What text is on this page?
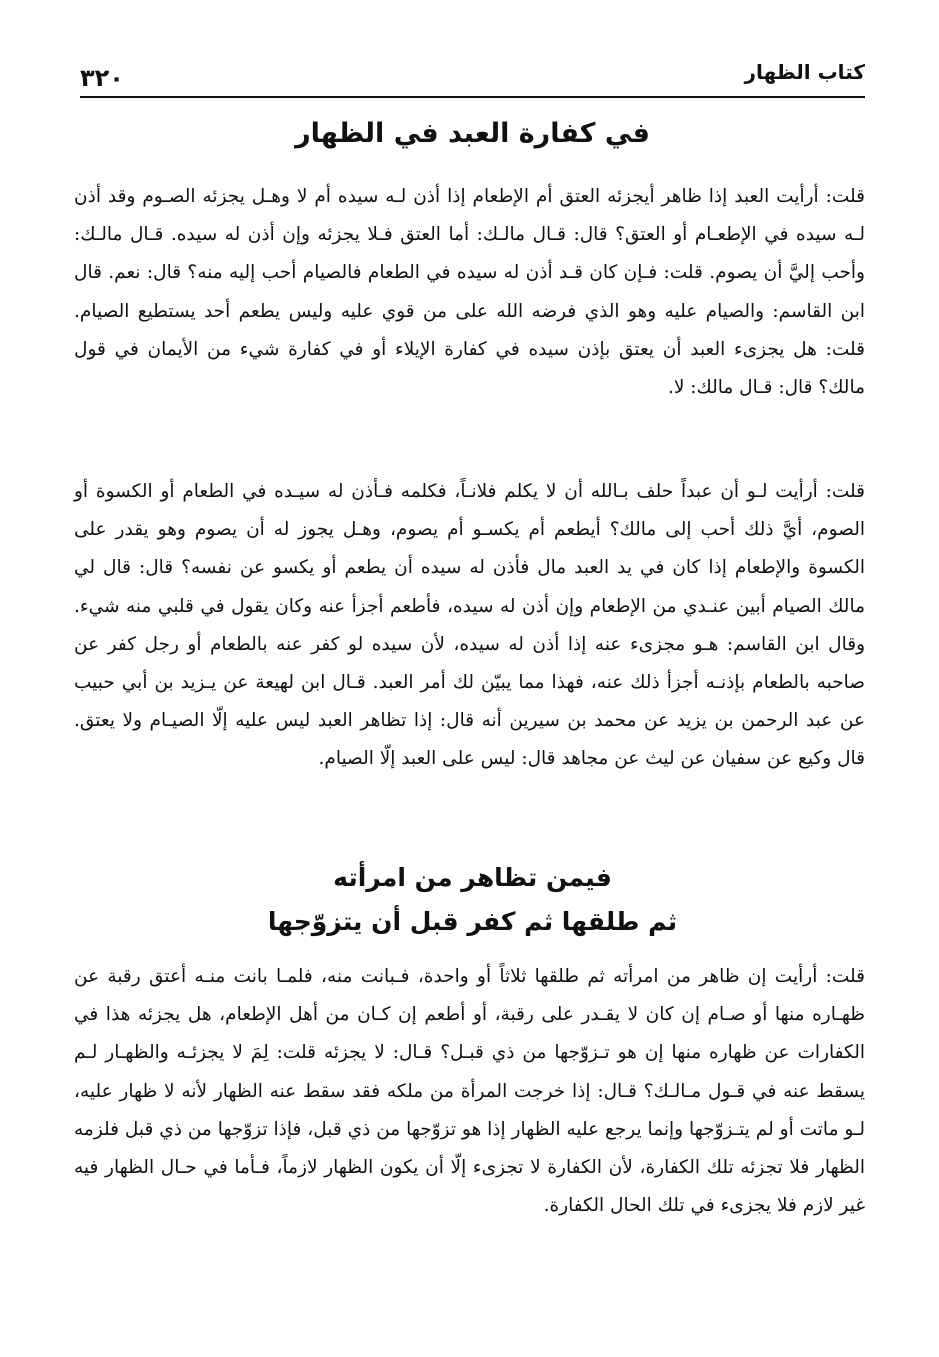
كتاب الظهار
٣٢٠
في كفارة العبد في الظهار

قلت: أرأيت العبد إذا ظاهر أيجزئه العتق أم الإطعام إذا أذن لـه سيده أم لا وهـل يجزئه الصـوم وقد أذن لـه سيده في الإطعـام أو العتق؟ قال: قـال مالـك: أما العتق فـلا يجزئه وإن أذن له سيده. قـال مالـك: وأحب إليَّ أن يصوم. قلت: فـإن كان قـد أذن له سيده في الطعام فالصيام أحب إليه منه؟ قال: نعم. قال ابن القاسم: والصيام عليه وهو الذي فرضه الله على من قوي عليه وليس يطعم أحد يستطيع الصيام. قلت: هل يجزىء العبد أن يعتق بإذن سيده في كفارة الإيلاء أو في كفارة شيء من الأيمان في قول مالك؟ قال: قـال مالك: لا.

قلت: أرأيت لـو أن عبداً حلف بـالله أن لا يكلم فلانـاً، فكلمه فـأذن له سيـده في الطعام أو الكسوة أو الصوم، أيَّ ذلك أحب إلى مالك؟ أيطعم أم يكسـو أم يصوم، وهـل يجوز له أن يصوم وهو يقدر على الكسوة والإطعام إذا كان في يد العبد مال فأذن له سيده أن يطعم أو يكسو عن نفسه؟ قال: قال لي مالك الصيام أبين عنـدي من الإطعام وإن أذن له سيده، فأطعم أجزأ عنه وكان يقول في قلبي منه شيء. وقال ابن القاسم: هـو مجزىء عنه إذا أذن له سيده، لأن سيده لو كفر عنه بالطعام أو رجل كفر عن صاحبه بالطعام بإذنـه أجزأ ذلك عنه، فهذا مما يبيّن لك أمر العبد. قـال ابن لهيعة عن يـزيد بن أبي حبيب عن عبد الرحمن بن يزيد عن محمد بن سيرين أنه قال: إذا تظاهر العبد ليس عليه إلّا الصيـام ولا يعتق. قال وكيع عن سفيان عن ليث عن مجاهد قال: ليس على العبد إلّا الصيام.

فيمن تظاهر من امرأته
ثم طلقها ثم كفر قبل أن يتزوّجها

قلت: أرأيت إن ظاهر من امرأته ثم طلقها ثلاثاً أو واحدة، فـبانت منه، فلمـا بانت منـه أعتق رقبة عن ظهـاره منها أو صـام إن كان لا يقـدر على رقبة، أو أطعم إن كـان من أهل الإطعام، هل يجزئه هذا في الكفارات عن ظهاره منها إن هو تـزوّجها من ذي قبـل؟ قـال: لا يجزئه قلت: لِمَ لا يجزئـه والظهـار لـم يسقط عنه في قـول مـالـك؟ قـال: إذا خرجت المرأة من ملكه فقد سقط عنه الظهار لأنه لا ظهار عليه، لـو ماتت أو لم يتـزوّجها وإنما يرجع عليه الظهار إذا هو تزوّجها من ذي قبل، فإذا تزوّجها من ذي قبل فلزمه الظهار فلا تجزئه تلك الكفارة، لأن الكفارة لا تجزىء إلّا أن يكون الظهار لازماً، فـأما في حـال الظهار فيه غير لازم فلا يجزىء في تلك الحال الكفارة.
